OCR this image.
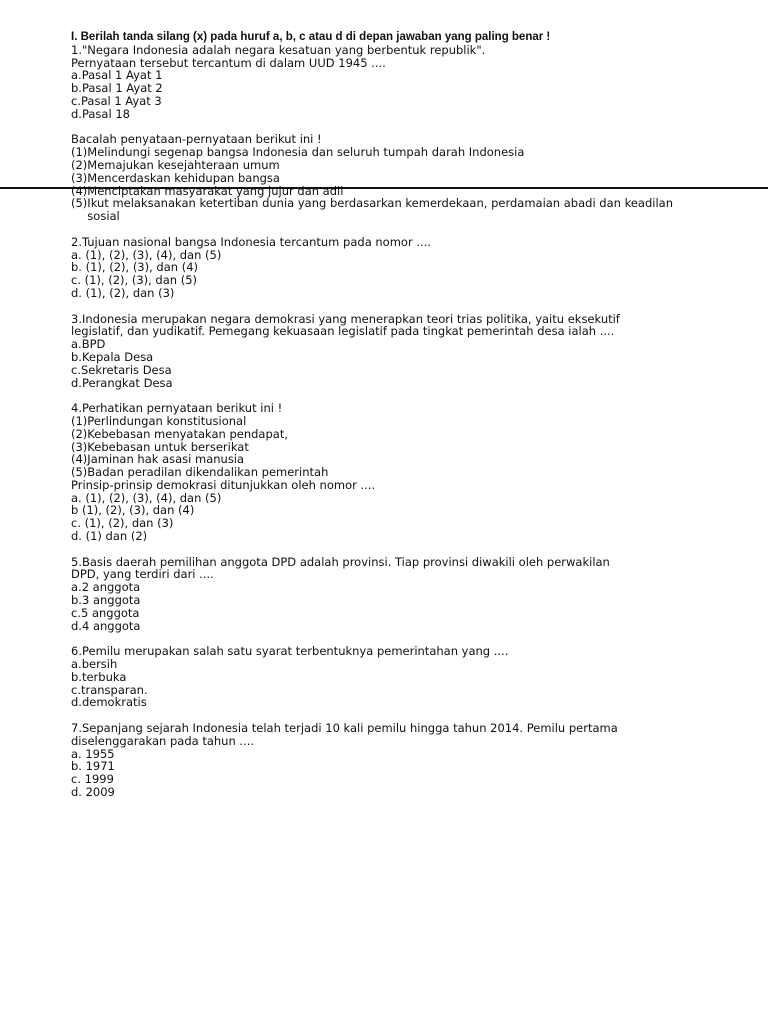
I. Berilah tanda silang (x) pada huruf a, b, c atau d di depan jawaban yang paling benar !
1. "Negara Indonesia adalah negara kesatuan yang berbentuk republik".
Pernyataan tersebut tercantum di dalam UUD 1945 ....
a. Pasal 1 Ayat 1
b. Pasal 1 Ayat 2
c. Pasal 1 Ayat 3
d. Pasal 18
Bacalah penyataan-pernyataan berikut ini !
(1) Melindungi segenap bangsa Indonesia dan seluruh tumpah darah Indonesia
(2) Memajukan kesejahteraan umum
(3) Mencerdaskan kehidupan bangsa
(4) Menciptakan masyarakat yang jujur dan adil
(5) Ikut melaksanakan ketertiban dunia yang berdasarkan kemerdekaan, perdamaian abadi dan keadilan sosial
2. Tujuan nasional bangsa Indonesia tercantum pada nomor ....
a. (1), (2), (3), (4), dan (5)
b. (1), (2), (3), dan (4)
c. (1), (2), (3), dan (5)
d. (1), (2), dan (3)
3. Indonesia merupakan negara demokrasi yang menerapkan teori trias politika, yaitu eksekutif
legislatif, dan yudikatif. Pemegang kekuasaan legislatif pada tingkat pemerintah desa ialah ....
a. BPD
b. Kepala Desa
c. Sekretaris Desa
d. Perangkat Desa
4. Perhatikan pernyataan berikut ini !
(1) Perlindungan konstitusional
(2) Kebebasan menyatakan pendapat,
(3) Kebebasan untuk berserikat
(4) Jaminan hak asasi manusia
(5) Badan peradilan dikendalikan pemerintah
Prinsip-prinsip demokrasi ditunjukkan oleh nomor ....
a. (1), (2), (3), (4), dan (5)
b (1), (2), (3), dan (4)
c. (1), (2), dan (3)
d. (1) dan (2)
5. Basis daerah pemilihan anggota DPD adalah provinsi. Tiap provinsi diwakili oleh perwakilan
DPD, yang terdiri dari ....
a. 2 anggota
b. 3 anggota
c. 5 anggota
d. 4 anggota
6. Pemilu merupakan salah satu syarat terbentuknya pemerintahan yang ....
a. bersih
b. terbuka
c. transparan.
d. demokratis
7. Sepanjang sejarah Indonesia telah terjadi 10 kali pemilu hingga tahun 2014. Pemilu pertama
diselenggarakan pada tahun ....
a. 1955
b. 1971
c. 1999
d. 2009
